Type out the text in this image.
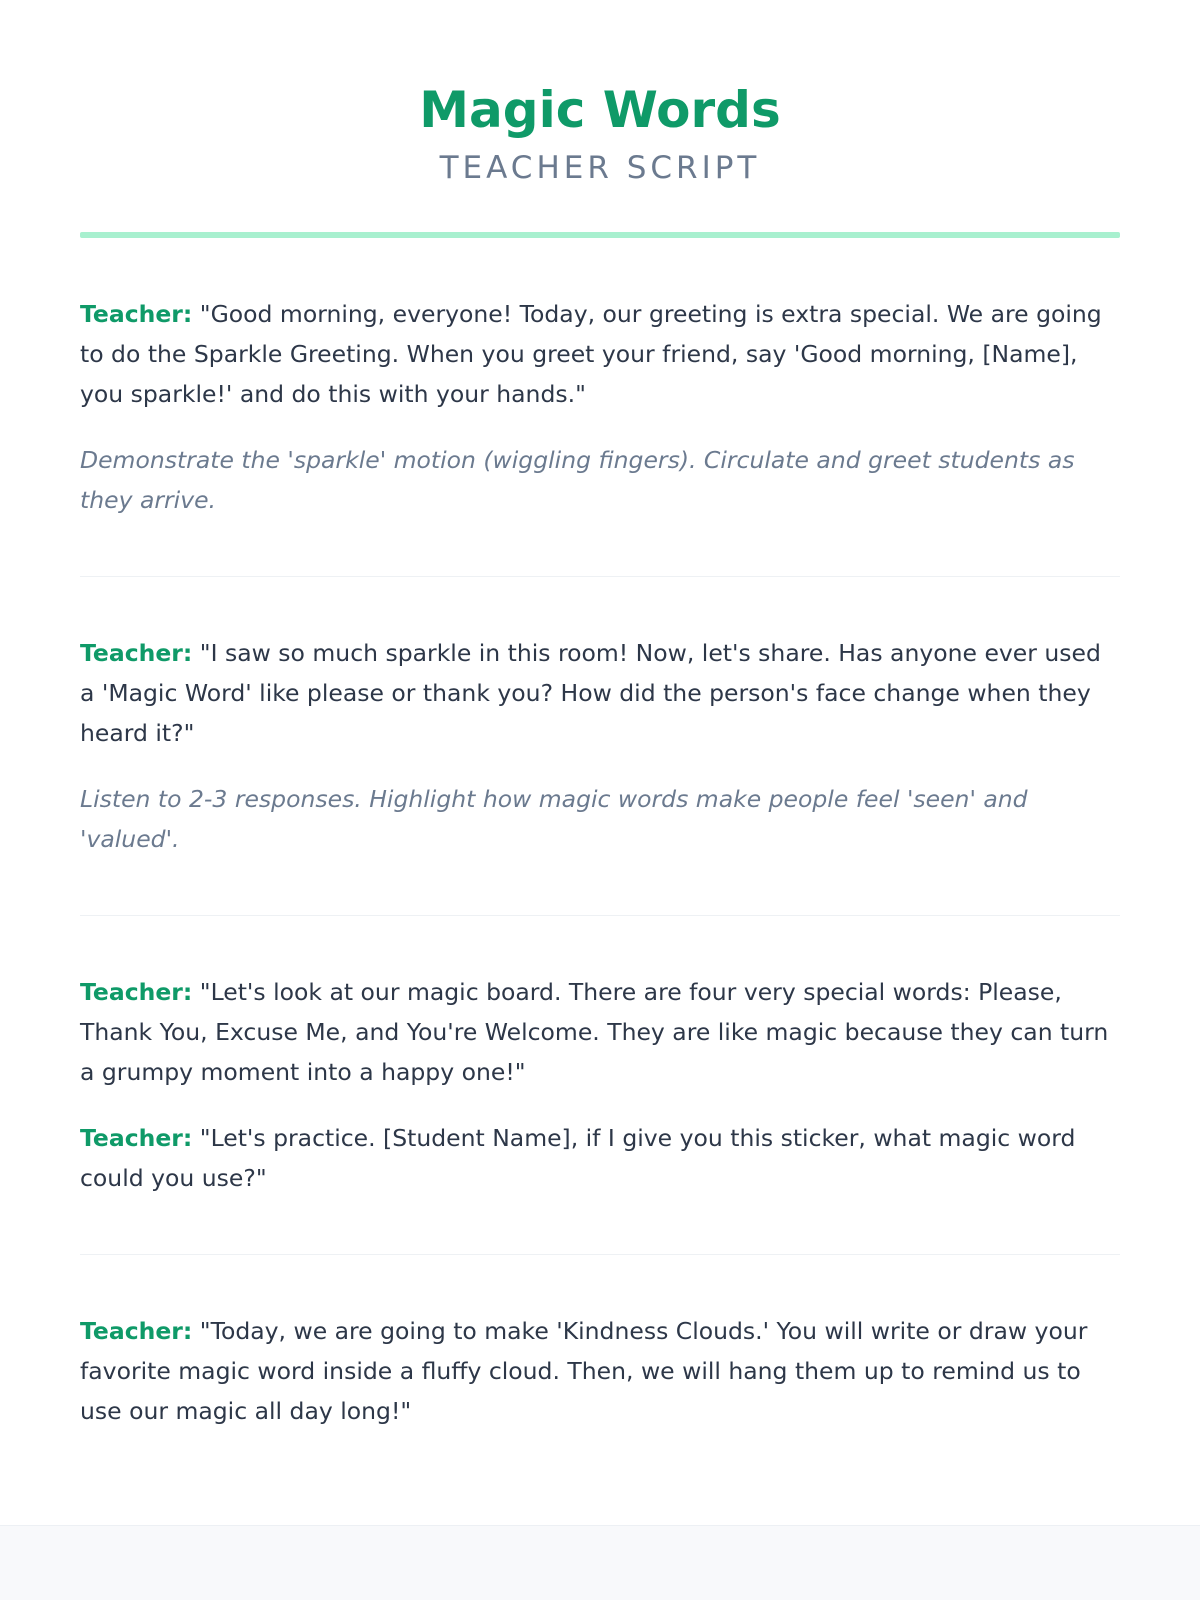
Magic Words
TEACHER SCRIPT

Teacher: "Good morning, everyone! Today, our greeting is extra special. We are going to do the Sparkle Greeting. When you greet your friend, say 'Good morning, [Name], you sparkle!' and do this with your hands."

Demonstrate the 'sparkle' motion (wiggling fingers). Circulate and greet students as they arrive.

Teacher: "I saw so much sparkle in this room! Now, let's share. Has anyone ever used a 'Magic Word' like please or thank you? How did the person's face change when they heard it?"

Listen to 2-3 responses. Highlight how magic words make people feel 'seen' and 'valued'.

Teacher: "Let's look at our magic board. There are four very special words: Please, Thank You, Excuse Me, and You're Welcome. They are like magic because they can turn a grumpy moment into a happy one!"

Teacher: "Let's practice. [Student Name], if I give you this sticker, what magic word could you use?"

Teacher: "Today, we are going to make 'Kindness Clouds.' You will write or draw your favorite magic word inside a fluffy cloud. Then, we will hang them up to remind us to use our magic all day long!"
